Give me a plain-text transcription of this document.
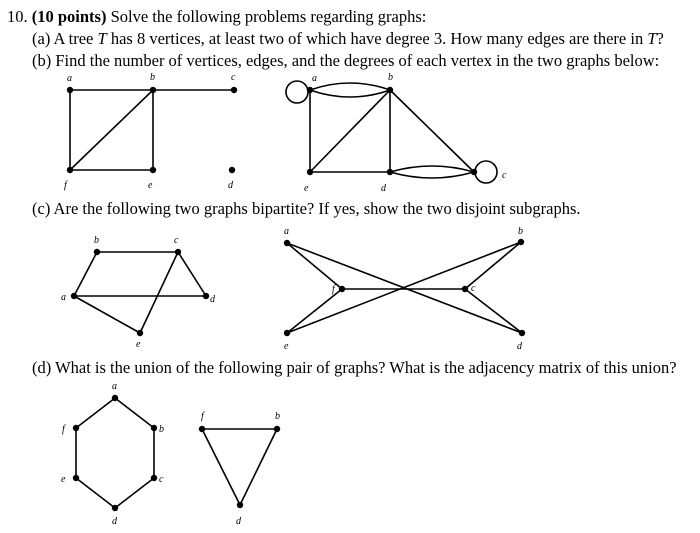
10. (10 points) Solve the following problems regarding graphs:
(a) A tree T has 8 vertices, at least two of which have degree 3. How many edges are there in T?
(b) Find the number of vertices, edges, and the degrees of each vertex in the two graphs below:
(c) Are the following two graphs bipartite? If yes, show the two disjoint subgraphs.
(d) What is the union of the following pair of graphs? What is the adjacency matrix of this union?
a	b	c
f	e	d
a	b
c
d
e
b	c
a	d
e
a	b
f	c
e	d
a
b
c
d
e
f
f	b
d
